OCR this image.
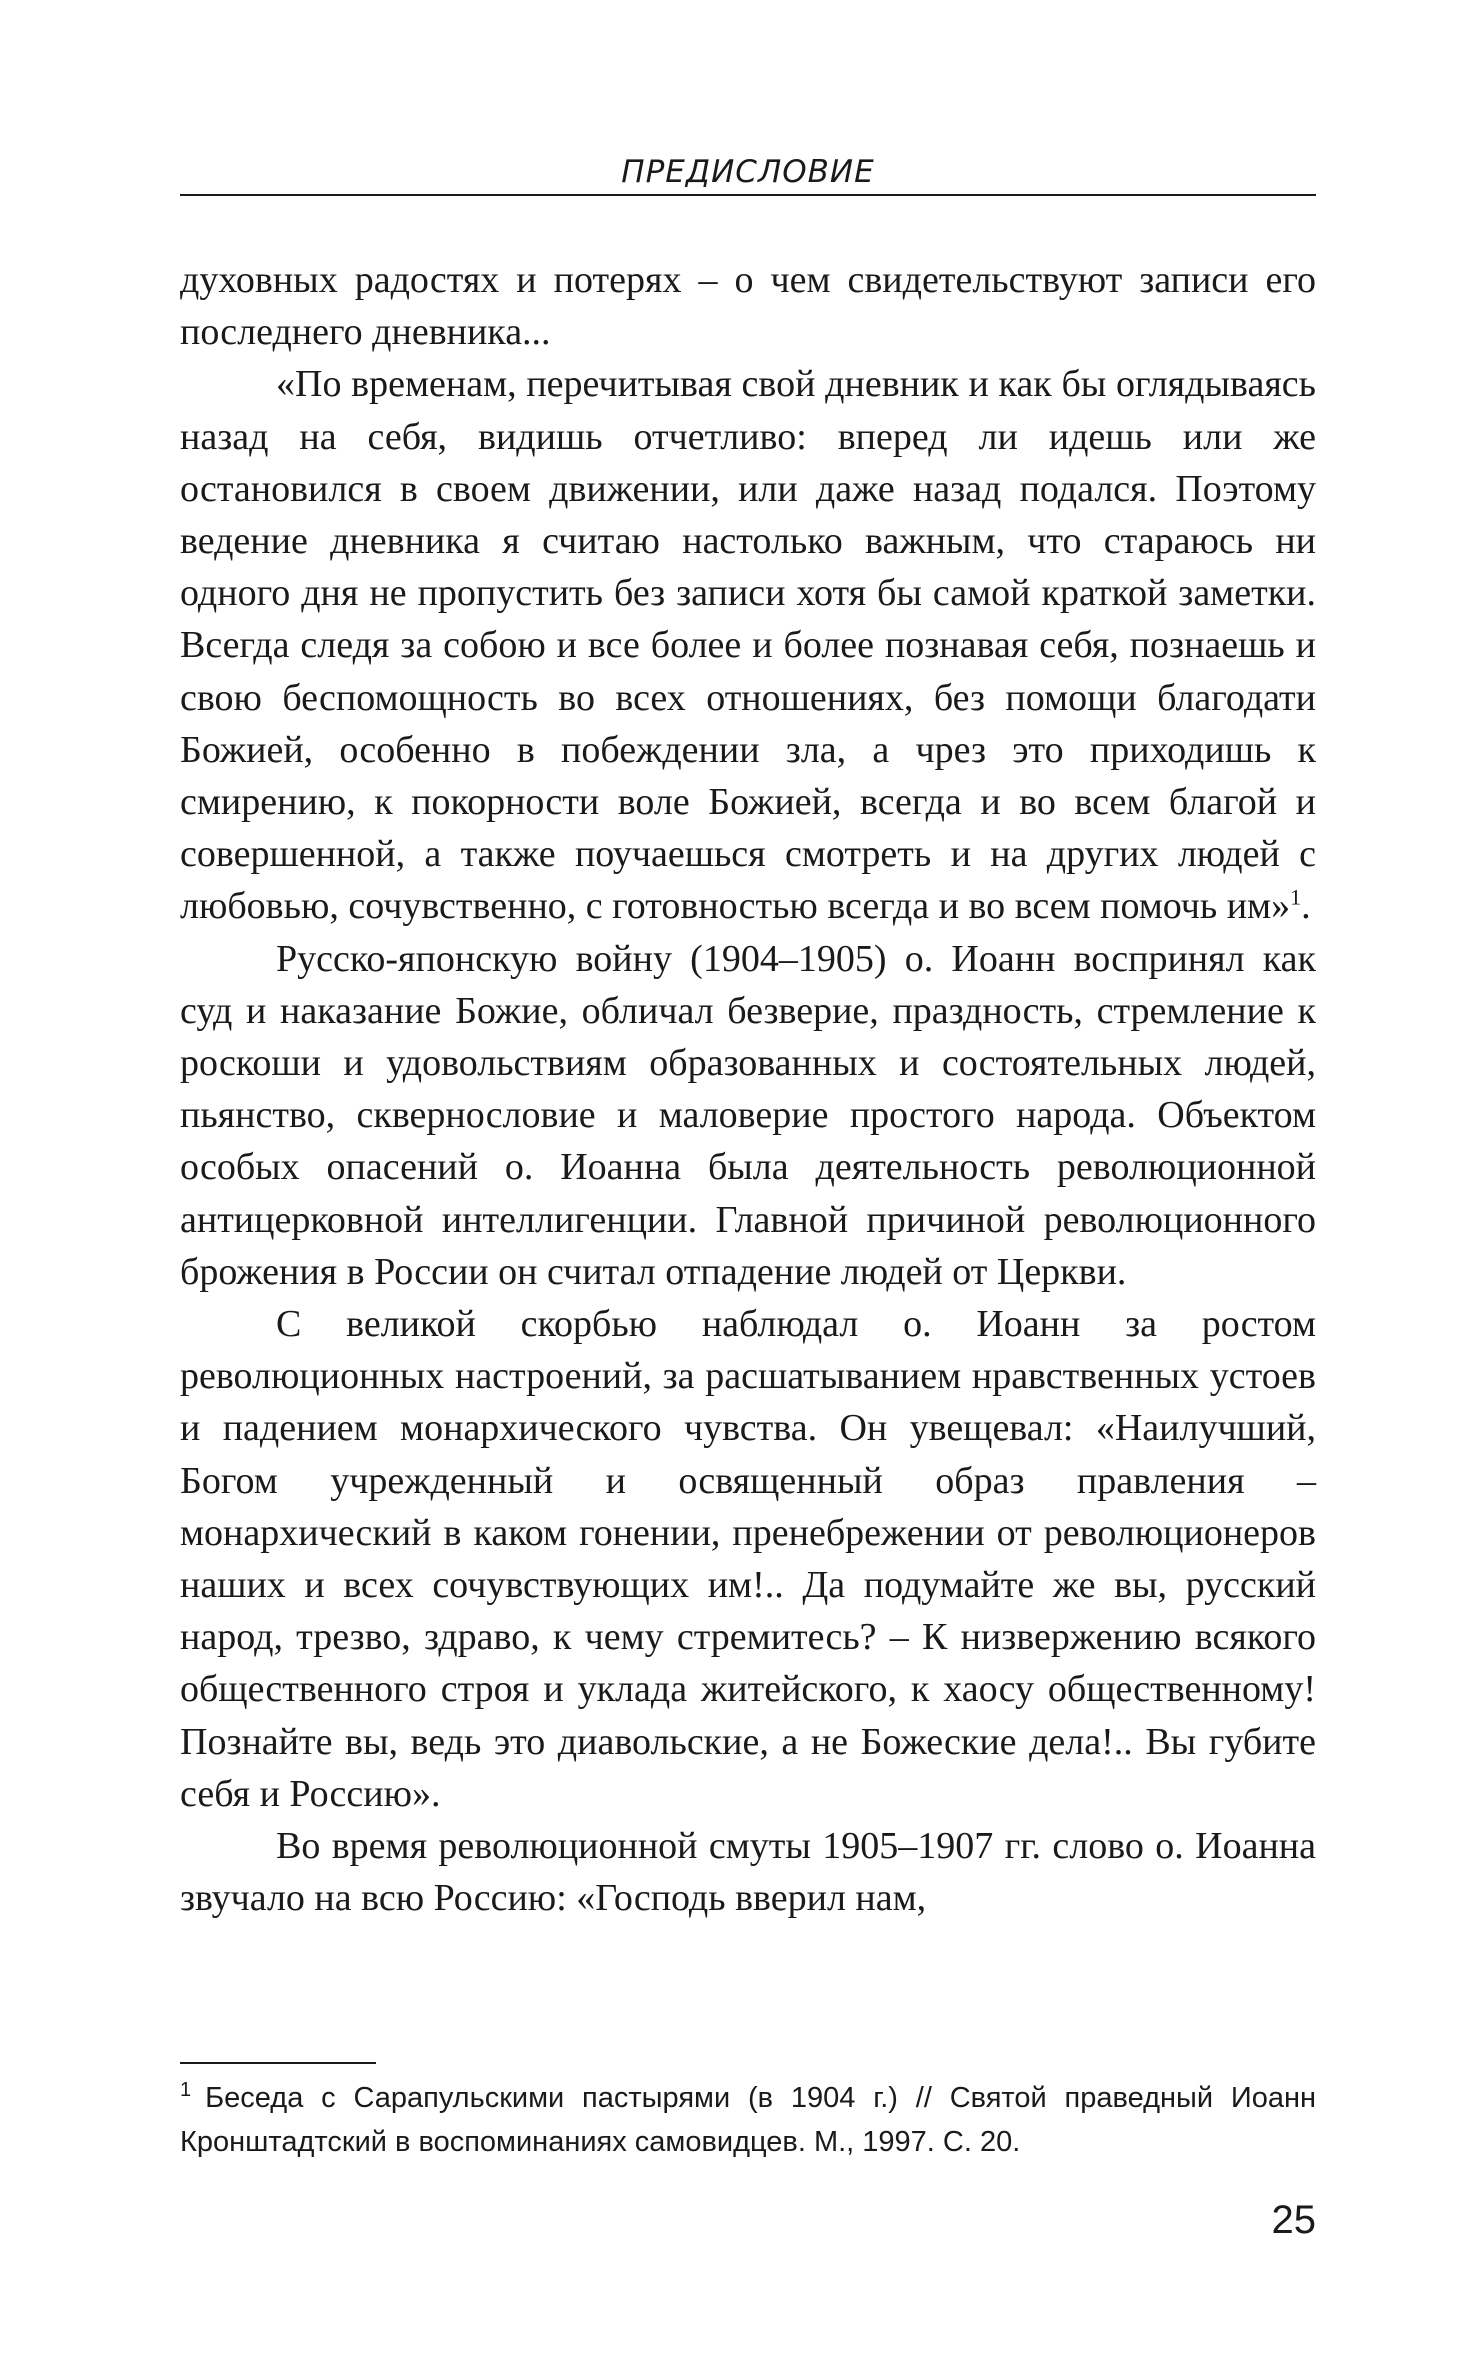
ПРЕДИСЛОВИЕ

духовных радостях и потерях – о чем свидетельствуют записи его последнего дневника...

«По временам, перечитывая свой дневник и как бы оглядываясь назад на себя, видишь отчетливо: вперед ли идешь или же остановился в своем движении, или даже назад подался. Поэтому ведение дневника я считаю настолько важным, что стараюсь ни одного дня не пропустить без записи хотя бы самой краткой заметки. Всегда следя за собою и все более и более познавая себя, познаешь и свою беспомощность во всех отношениях, без помощи благодати Божией, особенно в побеждении зла, а чрез это приходишь к смирению, к покорности воле Божией, всегда и во всем благой и совершенной, а также поучаешься смотреть и на других людей с любовью, сочувственно, с готовностью всегда и во всем помочь им»$^1$.

Русско-японскую войну (1904–1905) о. Иоанн воспринял как суд и наказание Божие, обличал безверие, праздность, стремление к роскоши и удовольствиям образованных и состоятельных людей, пьянство, сквернословие и маловерие простого народа. Объектом особых опасений о. Иоанна была деятельность революционной антицерковной интеллигенции. Главной причиной революционного брожения в России он считал отпадение людей от Церкви.

С великой скорбью наблюдал о. Иоанн за ростом революционных настроений, за расшатыванием нравственных устоев и падением монархического чувства. Он увещевал: «Наилучший, Богом учрежденный и освященный образ правления – монархический в каком гонении, пренебрежении от революционеров наших и всех сочувствующих им!.. Да подумайте же вы, русский народ, трезво, здраво, к чему стремитесь? – К низвержению всякого общественного строя и уклада житейского, к хаосу общественному! Познайте вы, ведь это диавольские, а не Божеские дела!.. Вы губите себя и Россию».

Во время революционной смуты 1905–1907 гг. слово о. Иоанна звучало на всю Россию: «Господь вверил нам,

$^1$ Беседа с Сарапульскими пастырями (в 1904 г.) // Святой праведный Иоанн Кронштадтский в воспоминаниях самовидцев. М., 1997. С. 20.
25
